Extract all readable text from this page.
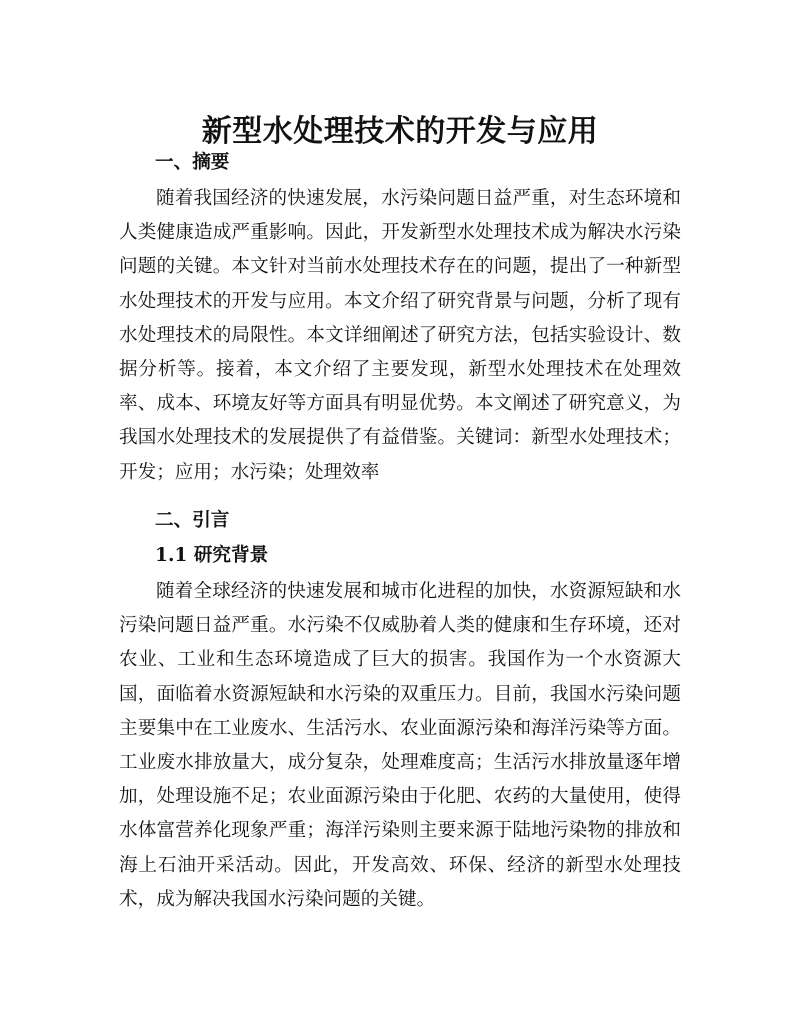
新型水处理技术的开发与应用
一、摘要

随着我国经济的快速发展，水污染问题日益严重，对生态环境和人类健康造成严重影响。因此，开发新型水处理技术成为解决水污染问题的关键。本文针对当前水处理技术存在的问题，提出了一种新型水处理技术的开发与应用。本文介绍了研究背景与问题，分析了现有水处理技术的局限性。本文详细阐述了研究方法，包括实验设计、数据分析等。接着，本文介绍了主要发现，新型水处理技术在处理效率、成本、环境友好等方面具有明显优势。本文阐述了研究意义，为我国水处理技术的发展提供了有益借鉴。关键词：新型水处理技术；开发；应用；水污染；处理效率

二、引言
1.1 研究背景

随着全球经济的快速发展和城市化进程的加快，水资源短缺和水污染问题日益严重。水污染不仅威胁着人类的健康和生存环境，还对农业、工业和生态环境造成了巨大的损害。我国作为一个水资源大国，面临着水资源短缺和水污染的双重压力。目前，我国水污染问题主要集中在工业废水、生活污水、农业面源污染和海洋污染等方面。工业废水排放量大，成分复杂，处理难度高；生活污水排放量逐年增加，处理设施不足；农业面源污染由于化肥、农药的大量使用，使得水体富营养化现象严重；海洋污染则主要来源于陆地污染物的排放和海上石油开采活动。因此，开发高效、环保、经济的新型水处理技术，成为解决我国水污染问题的关键。
